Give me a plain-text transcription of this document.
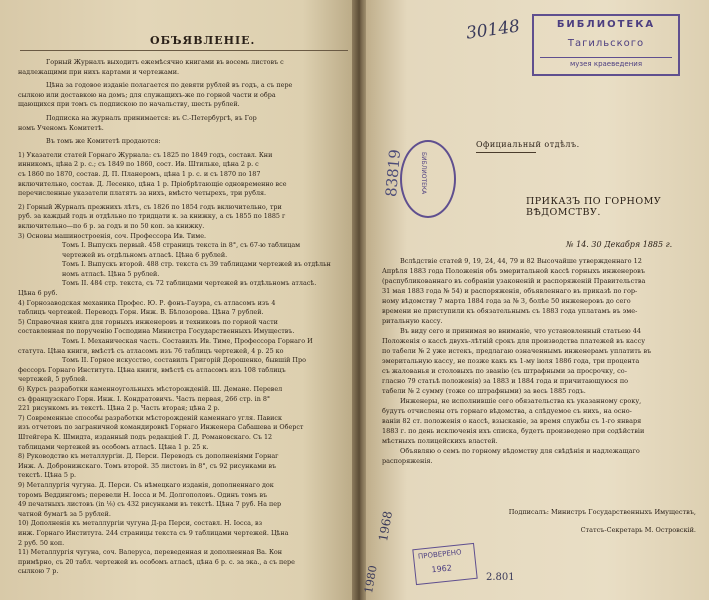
ОБЪЯВЛЕНІЕ.

Горный Журналъ выходитъ ежемѣсячно книгами въ восемь листовъ с

надлежащими при нихъ картами и чертежами.

Цѣна за годовое изданіе полагается по девяти рублей въ годъ, а съ пере

сылкою или доставкою на домъ; для служащихъ-же по горной части и обра

щающихся при томъ съ подпискою по начальству, шесть рублей.

Подписка на журналъ принимается: въ С.-Петербургѣ, въ Гор

номъ Ученомъ Комитетѣ.

Въ томъ же Комитетѣ продаются:

1) Указатели статей Горнаго Журнала: съ 1825 по 1849 годъ, составл. Кни

инникомъ, цѣна 2 р. с.; съ 1849 по 1860, сост. Ив. Штилькe, цѣна 2 р. с

съ 1860 по 1870, состав. Д. П. Планеромъ, цѣна 1 р. с. и съ 1870 по 187

включительно, состав. Д. Лесенко, цѣна 1 р. Пріобрѣтающіе одновременно все

перечисленные указатели платятъ за нихъ, вмѣсто четырехъ, три рубля.

2) Горный Журналъ прежнихъ лѣтъ, съ 1826 по 1854 годъ включительно, три

руб. за каждый годъ и отдѣльно по тридцати к. за книжку, а съ 1855 по 1885 г

включительно—по 6 р. за годъ и по 50 коп. за книжку.

3) Основы машиностроенія, соч. Профессора Ив. Тиме.

Томъ I. Выпускъ первый. 458 страницъ текста in 8°, съ 67-ю таблицам

чертежей въ отдѣльномъ атласѣ. Цѣна 6 рублей.

Томъ I. Выпускъ второй. 488 стр. текста съ 39 таблицами чертежей въ отдѣльн

номъ атласѣ. Цѣна 5 рублей.

Томъ II. 484 стр. текста, съ 72 таблицами чертежей въ отдѣльномъ атласѣ.

Цѣна 6 руб.

4) Горнозаводская механика Профес. Ю. Р. фонъ-Гауэра, съ атласомъ изъ 4

таблицъ чертежей. Переводъ Горн. Инж. В. Бѣлозорова. Цѣна 7 рублей.

5) Справочная книга для горныхъ инженеровъ и техниковъ по горной части

составленная по порученію Господина Министра Государственныхъ Имуществъ.

Томъ I. Механическая часть. Составилъ Ив. Тиме, Профессора Горнаго И

статута. Цѣна книги, вмѣстѣ съ атласомъ изъ 76 таблицъ чертежей, 4 р. 25 ко

Томъ II. Горное искусство, составилъ Григорій Дорошенко, бывшій Про

фессоръ Горнаго Института. Цѣна книги, вмѣстѣ съ атласомъ изъ 108 таблицъ

чертежей, 5 рублей.

6) Курсъ разработки каменноугольныхъ мѣсторожденій. Ш. Демане. Перевел

съ французскаго Горн. Инж. I. Кондратовичъ. Часть первая, 266 стр. in 8°

221 рисункомъ въ текстѣ. Цѣна 2 р. Часть вторая; цѣна 2 р.

7) Современные способы разработки мѣсторожденій каменнаго угля. Пависк

изъ отчетовъ по заграничной командировкѣ Горнаго Инженера Сабашева и Оберст

Штейгера К. Шмидта, изданный подъ редакціей Г. Д. Романовскаго. Съ 12

таблицами чертежей въ особомъ атласѣ. Цѣна 1 р. 25 к.

8) Руководство къ металлургіи. Д. Перси. Переводъ съ дополненіями Горнаг

Инж. А. Добронижскаго. Томъ второй. 35 листовъ in 8°, съ 92 рисунками въ

текстѣ. Цѣна 5 р.

9) Металлургія чугуна. Д. Перси. Съ нѣмецкаго изданія, дополненнаго док

торомъ Веддингомъ; перевели Н. Іосса и М. Долгополовъ. Одинъ томъ въ

49 печатныхъ листовъ (in ⅛) съ 432 рисунками въ текстѣ. Цѣна 7 руб. На пер

чатной бумагѣ за 5 рублей.

10) Дополненія къ металлургіи чугуна Д-ра Перси, составл. Н. Іосса, вз

инж. Горнаго Института. 244 страницы текста съ 9 таблицами чертежей. Цѣна

2 руб. 50 коп.

11) Металлургія чугуна, соч. Валеруса, переведенная и дополненная Ва. Кон

примѣрно, съ 20 табл. чертежей въ особомъ атласѣ, цѣна 6 р. с. за эка., а съ пере

сылкою 7 р.

30148	БИБЛИОТЕКА
Тагильского
музея краеведения
БИБЛИОТЕКА
83819
Официальный отдѣлъ.
ПРИКАЗЪ ПО ГОРНОМУ ВѢДОМСТВУ.
№ 14. 30 Декабря 1885 г.

Вслѣдствіе статей 9, 19, 24, 44, 79 и 82 Высочайше утвержденнаго 12

Апрѣля 1883 года Положенія объ эмеритальной кассѣ горныхъ инженеровъ

(распубликованнаго въ собраніи узаконеній и распоряженій Правительства

31 мая 1883 года № 54) и распоряженія, объявленнаго въ приказѣ по гор-

ному вѣдомству 7 марта 1884 года за № 3, болѣе 50 инженеровъ до сего

времени не приступили къ обязательнымъ съ 1883 года уплатамъ въ эме-

ритальную кассу.

Въ виду сего и принимая во вниманіе, что установленный статьею 44

Положенія о кассѣ двухъ-лѣтній срокъ для производства платежей въ кассу

по табели № 2 уже истекъ, предлагаю означеннымъ инженерамъ уплатить въ

эмеритальную кассу, не позже какъ къ 1-му іюля 1886 года, три процента

съ жалованья и столовыхъ по званію (съ штрафными за просрочку, со-

гласно 79 статьѣ положенія) за 1883 и 1884 года и причитающуюся по

табели № 2 сумму (тоже со штрафными) за весь 1885 годъ.

Инженеры, не исполнившіе сего обязательства къ указанному сроку,

будутъ отчислены отъ горнаго вѣдомства, а слѣдуемое съ нихъ, на осно-

ваніи 82 ст. положенія о кассѣ, взысканіе, за время службы съ 1-го января

1883 г. по день исключенія ихъ списка, будетъ произведено при содѣйствіи

мѣстныхъ полицейскихъ властей.

Объявляю о семъ по горному вѣдомству для свѣдѣнія и надлежащаго

распоряженія.

Подписалъ: Министръ Государственныхъ Имуществъ,
Статсъ-Секретарь М. Островскій.
1968
1980
ПРОВЕРЕНО
1962
2.801
